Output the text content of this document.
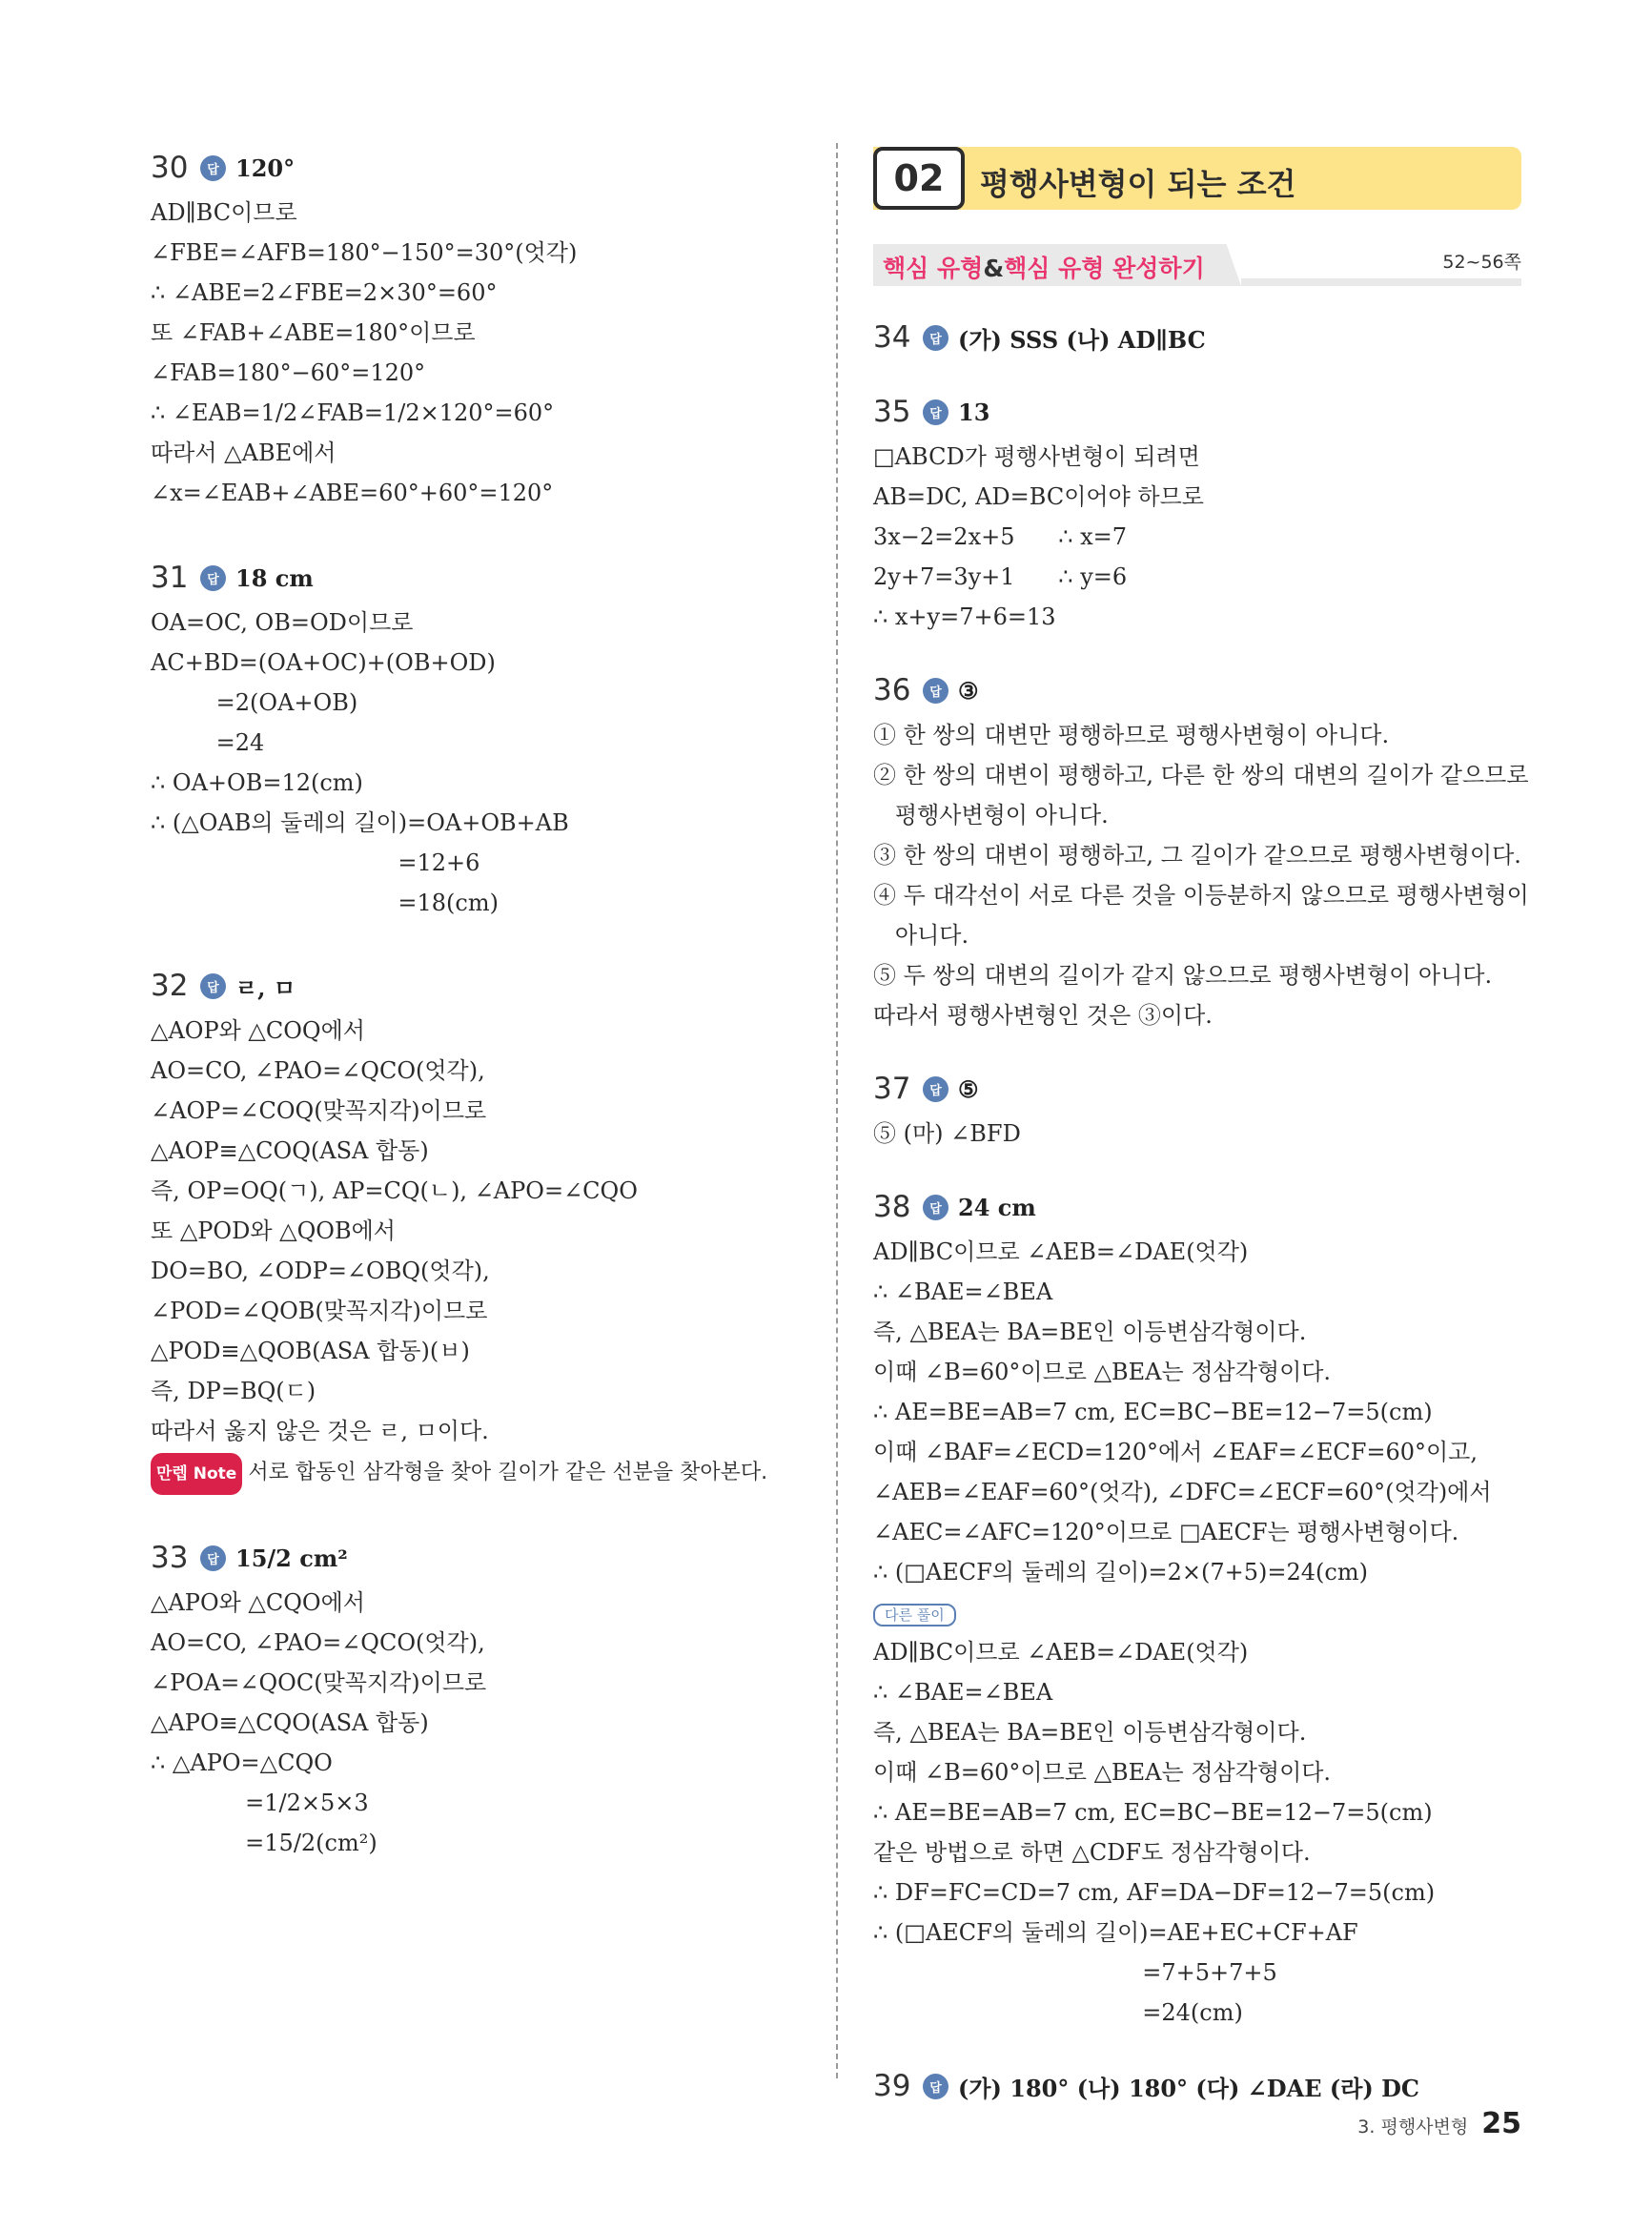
02	평행사변형이 되는 조건
핵심 유형&핵심 유형 완성하기	52~56쪽
30	답 120°
AD∥BC이므로
∠FBE=∠AFB=180°−150°=30°(엇각)
∴ ∠ABE=2∠FBE=2×30°=60°
또 ∠FAB+∠ABE=180°이므로
∠FAB=180°−60°=120°
∴ ∠EAB=1/2∠FAB=1/2×120°=60°
따라서 △ABE에서
∠x=∠EAB+∠ABE=60°+60°=120°
31	답 18 cm
OA=OC, OB=OD이므로
AC+BD=(OA+OC)+(OB+OD)
=2(OA+OB)
=24
∴ OA+OB=12(cm)
∴ (△OAB의 둘레의 길이)=OA+OB+AB
=12+6
=18(cm)
32	답 ㄹ, ㅁ
△AOP와 △COQ에서
AO=CO, ∠PAO=∠QCO(엇각),
∠AOP=∠COQ(맞꼭지각)이므로
△AOP≡△COQ(ASA 합동)
즉, OP=OQ(ㄱ), AP=CQ(ㄴ), ∠APO=∠CQO
또 △POD와 △QOB에서
DO=BO, ∠ODP=∠OBQ(엇각),
∠POD=∠QOB(맞꼭지각)이므로
△POD≡△QOB(ASA 합동)(ㅂ)
즉, DP=BQ(ㄷ)
따라서 옳지 않은 것은 ㄹ, ㅁ이다.
만렙 Note 서로 합동인 삼각형을 찾아 길이가 같은 선분을 찾아본다.
33	답 15/2 cm²
△APO와 △CQO에서
AO=CO, ∠PAO=∠QCO(엇각),
∠POA=∠QOC(맞꼭지각)이므로
△APO≡△CQO(ASA 합동)
∴ △APO=△CQO
=1/2×5×3
=15/2(cm²)
34	답 (가) SSS (나) AD∥BC
35	답 13
□ABCD가 평행사변형이 되려면
AB=DC, AD=BC이어야 하므로
3x−2=2x+5      ∴ x=7
2y+7=3y+1      ∴ y=6
∴ x+y=7+6=13
36	답 ③
① 한 쌍의 대변만 평행하므로 평행사변형이 아니다.
② 한 쌍의 대변이 평행하고, 다른 한 쌍의 대변의 길이가 같으므로
평행사변형이 아니다.
③ 한 쌍의 대변이 평행하고, 그 길이가 같으므로 평행사변형이다.
④ 두 대각선이 서로 다른 것을 이등분하지 않으므로 평행사변형이
아니다.
⑤ 두 쌍의 대변의 길이가 같지 않으므로 평행사변형이 아니다.
따라서 평행사변형인 것은 ③이다.
37	답 ⑤
⑤ (마) ∠BFD
38	답 24 cm
AD∥BC이므로 ∠AEB=∠DAE(엇각)
∴ ∠BAE=∠BEA
즉, △BEA는 BA=BE인 이등변삼각형이다.
이때 ∠B=60°이므로 △BEA는 정삼각형이다.
∴ AE=BE=AB=7 cm, EC=BC−BE=12−7=5(cm)
이때 ∠BAF=∠ECD=120°에서 ∠EAF=∠ECF=60°이고,
∠AEB=∠EAF=60°(엇각), ∠DFC=∠ECF=60°(엇각)에서
∠AEC=∠AFC=120°이므로 □AECF는 평행사변형이다.
∴ (□AECF의 둘레의 길이)=2×(7+5)=24(cm)
다른 풀이
AD∥BC이므로 ∠AEB=∠DAE(엇각)
∴ ∠BAE=∠BEA
즉, △BEA는 BA=BE인 이등변삼각형이다.
이때 ∠B=60°이므로 △BEA는 정삼각형이다.
∴ AE=BE=AB=7 cm, EC=BC−BE=12−7=5(cm)
같은 방법으로 하면 △CDF도 정삼각형이다.
∴ DF=FC=CD=7 cm, AF=DA−DF=12−7=5(cm)
∴ (□AECF의 둘레의 길이)=AE+EC+CF+AF
=7+5+7+5
=24(cm)
39	답 (가) 180° (나) 180° (다) ∠DAE (라) DC
3. 평행사변형 25
